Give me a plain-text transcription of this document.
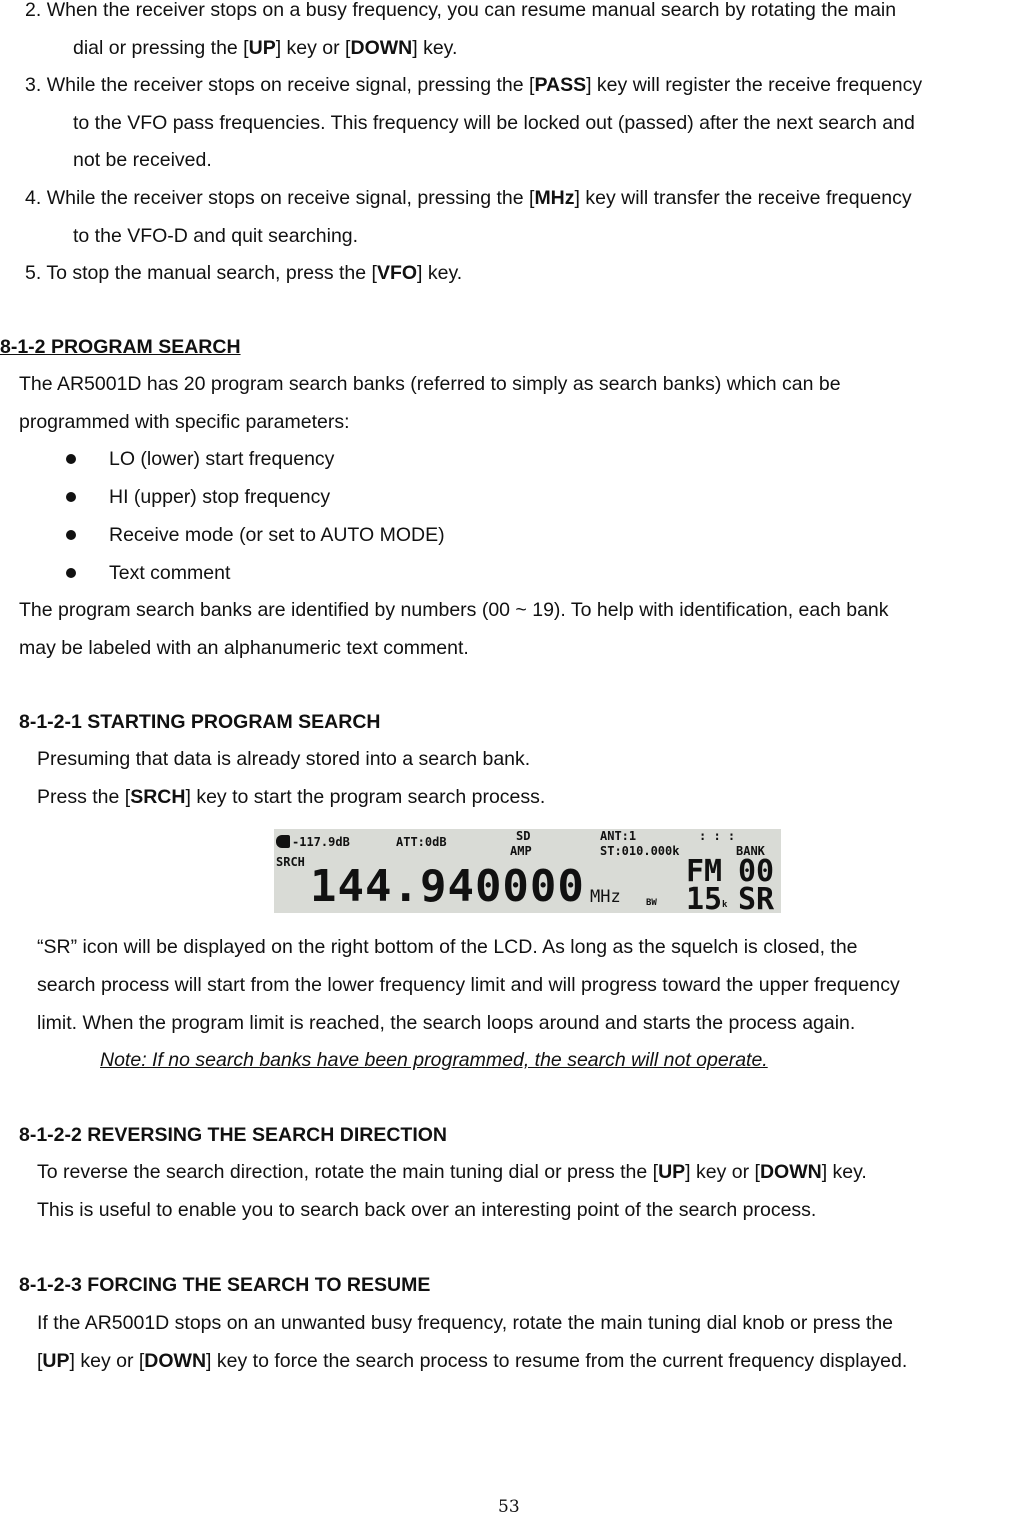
2. When the receiver stops on a busy frequency, you can resume manual search by rotating the main
dial or pressing the [UP] key or [DOWN] key.
3. While the receiver stops on receive signal, pressing the [PASS] key will register the receive frequency
to the VFO pass frequencies. This frequency will be locked out (passed) after the next search and
not be received.
4. While the receiver stops on receive signal, pressing the [MHz] key will transfer the receive frequency
to the VFO-D and quit searching.
5. To stop the manual search, press the [VFO] key.
8-1-2 PROGRAM SEARCH
The AR5001D has 20 program search banks (referred to simply as search banks) which can be
programmed with specific parameters:
LO (lower) start frequency
HI (upper) stop frequency
Receive mode (or set to AUTO MODE)
Text comment
The program search banks are identified by numbers (00 ~ 19). To help with identification, each bank
may be labeled with an alphanumeric text comment.
8-1-2-1 STARTING PROGRAM SEARCH
Presuming that data is already stored into a search bank.
Press the [SRCH] key to start the program search process.
-117.9dB	ATT:0dB	SD
AMP
ANT:1
ST:010.000k
: : :
BANK
SRCH 144.940000 MHz	BW
FM 00
15 k SR
“SR” icon will be displayed on the right bottom of the LCD. As long as the squelch is closed, the
search process will start from the lower frequency limit and will progress toward the upper frequency
limit. When the program limit is reached, the search loops around and starts the process again.
Note: If no search banks have been programmed, the search will not operate.
8-1-2-2 REVERSING THE SEARCH DIRECTION
To reverse the search direction, rotate the main tuning dial or press the [UP] key or [DOWN] key.
This is useful to enable you to search back over an interesting point of the search process.
8-1-2-3 FORCING THE SEARCH TO RESUME
If the AR5001D stops on an unwanted busy frequency, rotate the main tuning dial knob or press the
[UP] key or [DOWN] key to force the search process to resume from the current frequency displayed.
53
